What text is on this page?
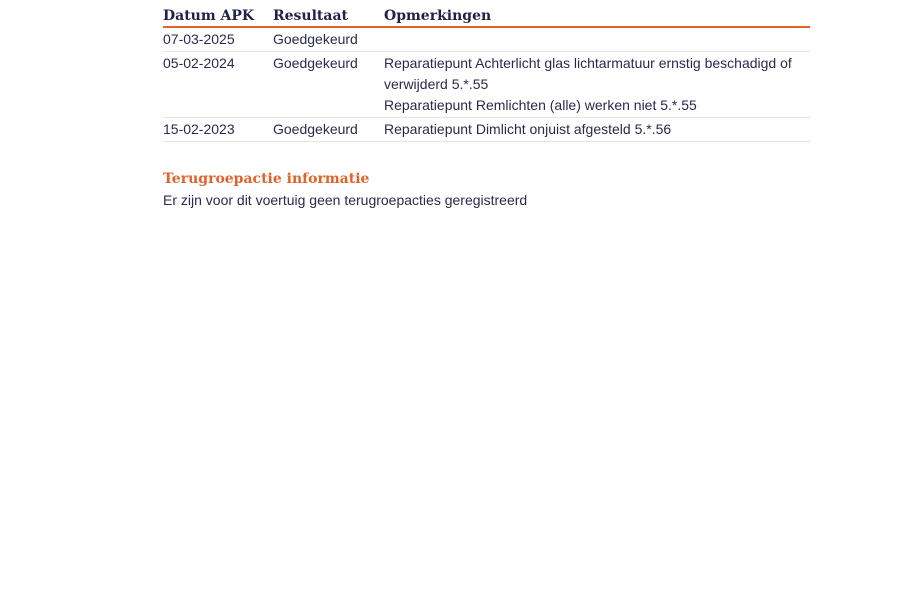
Datum APK	Resultaat	Opmerkingen
07-03-2025	Goedgekeurd	
05-02-2024	Goedgekeurd	Reparatiepunt Achterlicht glas lichtarmatuur ernstig beschadigd of verwijderd 5.*.55
Reparatiepunt Remlichten (alle) werken niet 5.*.55

15-02-2023	Goedgekeurd	Reparatiepunt Dimlicht onjuist afgesteld 5.*.56
Terugroepactie informatie
Er zijn voor dit voertuig geen terugroepacties geregistreerd
